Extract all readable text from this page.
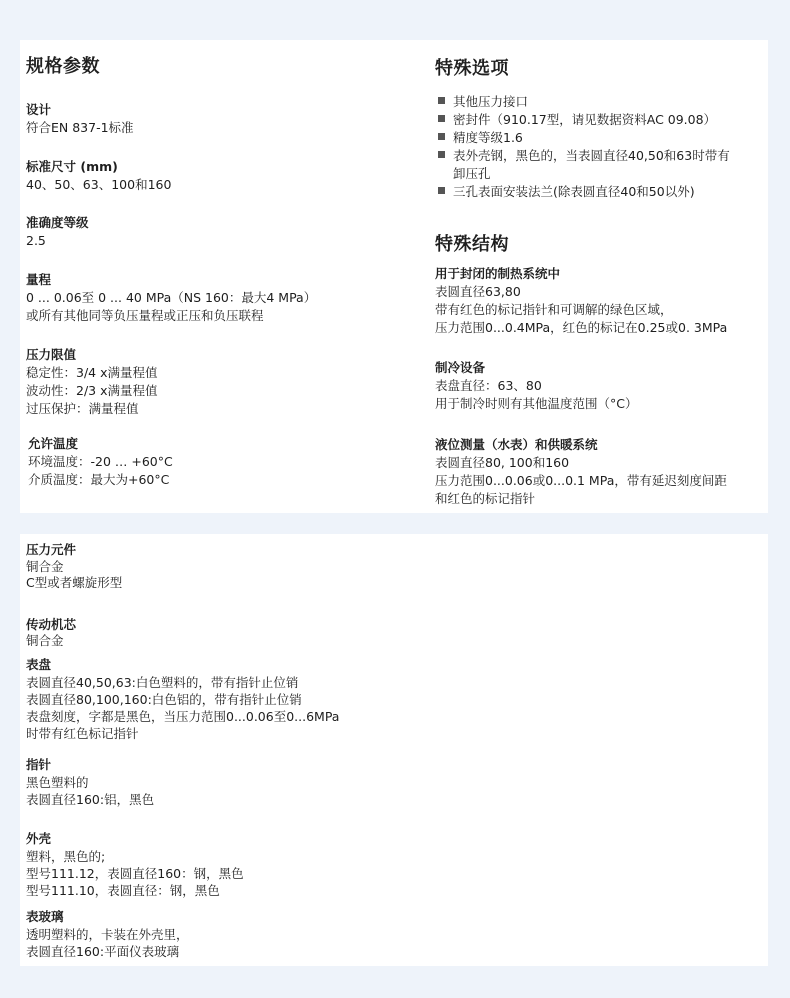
规格参数
设计
符合EN 837-1标准
标准尺寸 (mm)
40、50、63、100和160
准确度等级
2.5
量程
0 ... 0.06至 0 ... 40 MPa（NS 160：最大4 MPa）
或所有其他同等负压量程或正压和负压联程
压力限值
稳定性：3/4 x满量程值
波动性：2/3 x满量程值
过压保护：满量程值
允许温度
环境温度：-20 … +60°C
介质温度：最大为+60°C
特殊选项
其他压力接口
密封件（910.17型，请见数据资料AC 09.08）
精度等级1.6
表外壳钢，黑色的，当表圆直径40,50和63时带有
卸压孔
三孔表面安装法兰(除表圆直径40和50以外)
特殊结构
用于封闭的制热系统中
表圆直径63,80
带有红色的标记指针和可调解的绿色区域，
压力范围0...0.4MPa，红色的标记在0.25或0. 3MPa
制冷设备
表盘直径：63、80
用于制冷时则有其他温度范围（°C）
液位测量（水表）和供暖系统
表圆直径80, 100和160
压力范围0...0.06或0...0.1 MPa，带有延迟刻度间距
和红色的标记指针
压力元件
铜合金
C型或者螺旋形型
传动机芯
铜合金
表盘
表圆直径40,50,63:白色塑料的，带有指针止位销
表圆直径80,100,160:白色铝的，带有指针止位销
表盘刻度，字都是黑色，当压力范围0...0.06至0...6MPa
时带有红色标记指针
指针
黑色塑料的
表圆直径160:铝，黑色
外壳
塑料，黑色的;
型号111.12，表圆直径160：钢，黑色
型号111.10，表圆直径：钢，黑色
表玻璃
透明塑料的，卡装在外壳里，
表圆直径160:平面仪表玻璃
